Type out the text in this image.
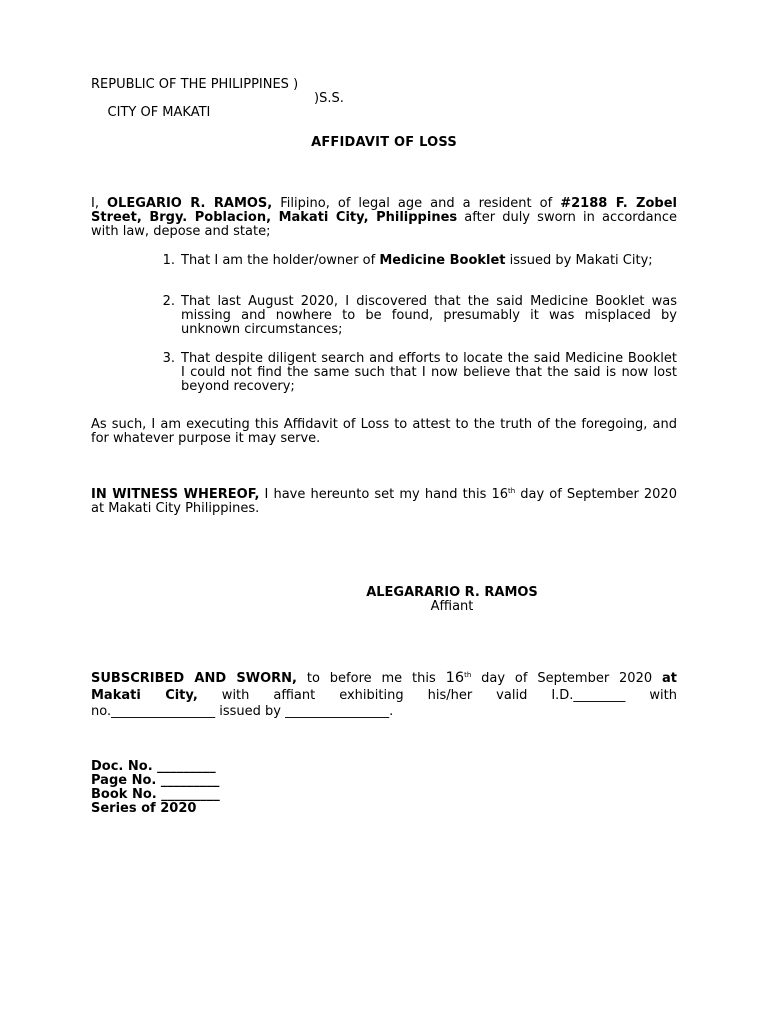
REPUBLIC OF THE PHILIPPINES )

CITY OF MAKATI

)S.S.
AFFIDAVIT OF LOSS
I, OLEGARIO R. RAMOS, Filipino, of legal age and a resident of #2188 F. Zobel Street, Brgy. Poblacion, Makati City, Philippines after duly sworn in accordance with law, depose and state;
1. That I am the holder/owner of Medicine Booklet issued by Makati City;
2. That last August 2020, I discovered that the said Medicine Booklet was missing and nowhere to be found, presumably it was misplaced by unknown circumstances;
3. That despite diligent search and efforts to locate the said Medicine Booklet I could not find the same such that I now believe that the said is now lost beyond recovery;
As such, I am executing this Affidavit of Loss to attest to the truth of the foregoing, and for whatever purpose it may serve.
IN WITNESS WHEREOF, I have hereunto set my hand this 16th day of September 2020 at Makati City Philippines.
ALEGARARIO R. RAMOS
Affiant
SUBSCRIBED AND SWORN, to before me this 16th day of September 2020 at
Makati City, with affiant exhibiting his/her valid I.D.________ with
no.________________ issued by ________________.
Doc. No. _________
Page No. _________
Book No. _________
Series of 2020
